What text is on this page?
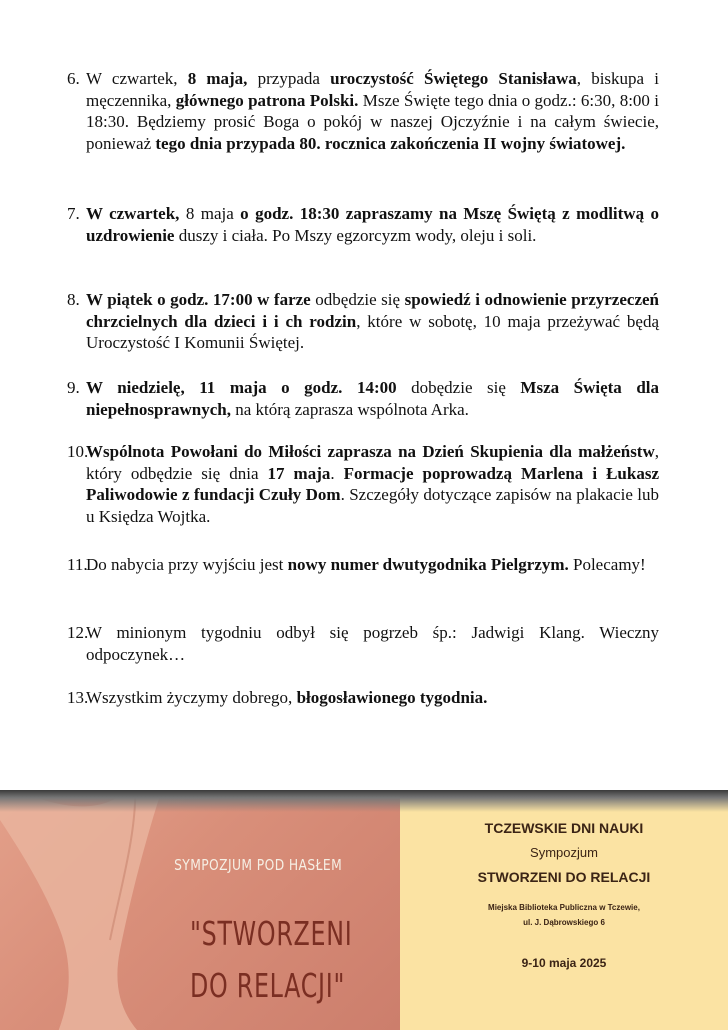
6. W czwartek, 8 maja, przypada uroczystość Świętego Stanisława, biskupa i męczennika, głównego patrona Polski. Msze Święte tego dnia o godz.: 6:30, 8:00 i 18:30. Będziemy prosić Boga o pokój w naszej Ojczyźnie i na całym świecie, ponieważ tego dnia przypada 80. rocznica zakończenia II wojny światowej.
7. W czwartek, 8 maja o godz. 18:30 zapraszamy na Mszę Świętą z modlitwą o uzdrowienie duszy i ciała. Po Mszy egzorcyzm wody, oleju i soli.
8. W piątek o godz. 17:00 w farze odbędzie się spowiedź i odnowienie przyrzeczeń chrzcielnych dla dzieci i i ch rodzin, które w sobotę, 10 maja przeżywać będą Uroczystość I Komunii Świętej.
9. W niedzielę, 11 maja o godz. 14:00 dobędzie się Msza Święta dla niepełnosprawnych, na którą zaprasza wspólnota Arka.
10.
Wspólnota Powołani do Miłości zaprasza na Dzień Skupienia dla małżeństw, który odbędzie się dnia 17 maja. Formacje poprowadzą Marlena i Łukasz Paliwodowie z fundacji Czuły Dom. Szczegóły dotyczące zapisów na plakacie lub u Księdza Wojtka.
11.
Do nabycia przy wyjściu jest nowy numer dwutygodnika Pielgrzym. Polecamy!
12.
W minionym tygodniu odbył się pogrzeb śp.: Jadwigi Klang. Wieczny odpoczynek…
13.
Wszystkim życzymy dobrego, błogosławionego tygodnia.
SYMPOZJUM POD HASŁEM
"STWORZENI
DO RELACJI"
TCZEWSKIE DNI NAUKI
Sympozjum
STWORZENI DO RELACJI
Miejska Biblioteka Publiczna w Tczewie,
ul. J. Dąbrowskiego 6
9-10 maja 2025
